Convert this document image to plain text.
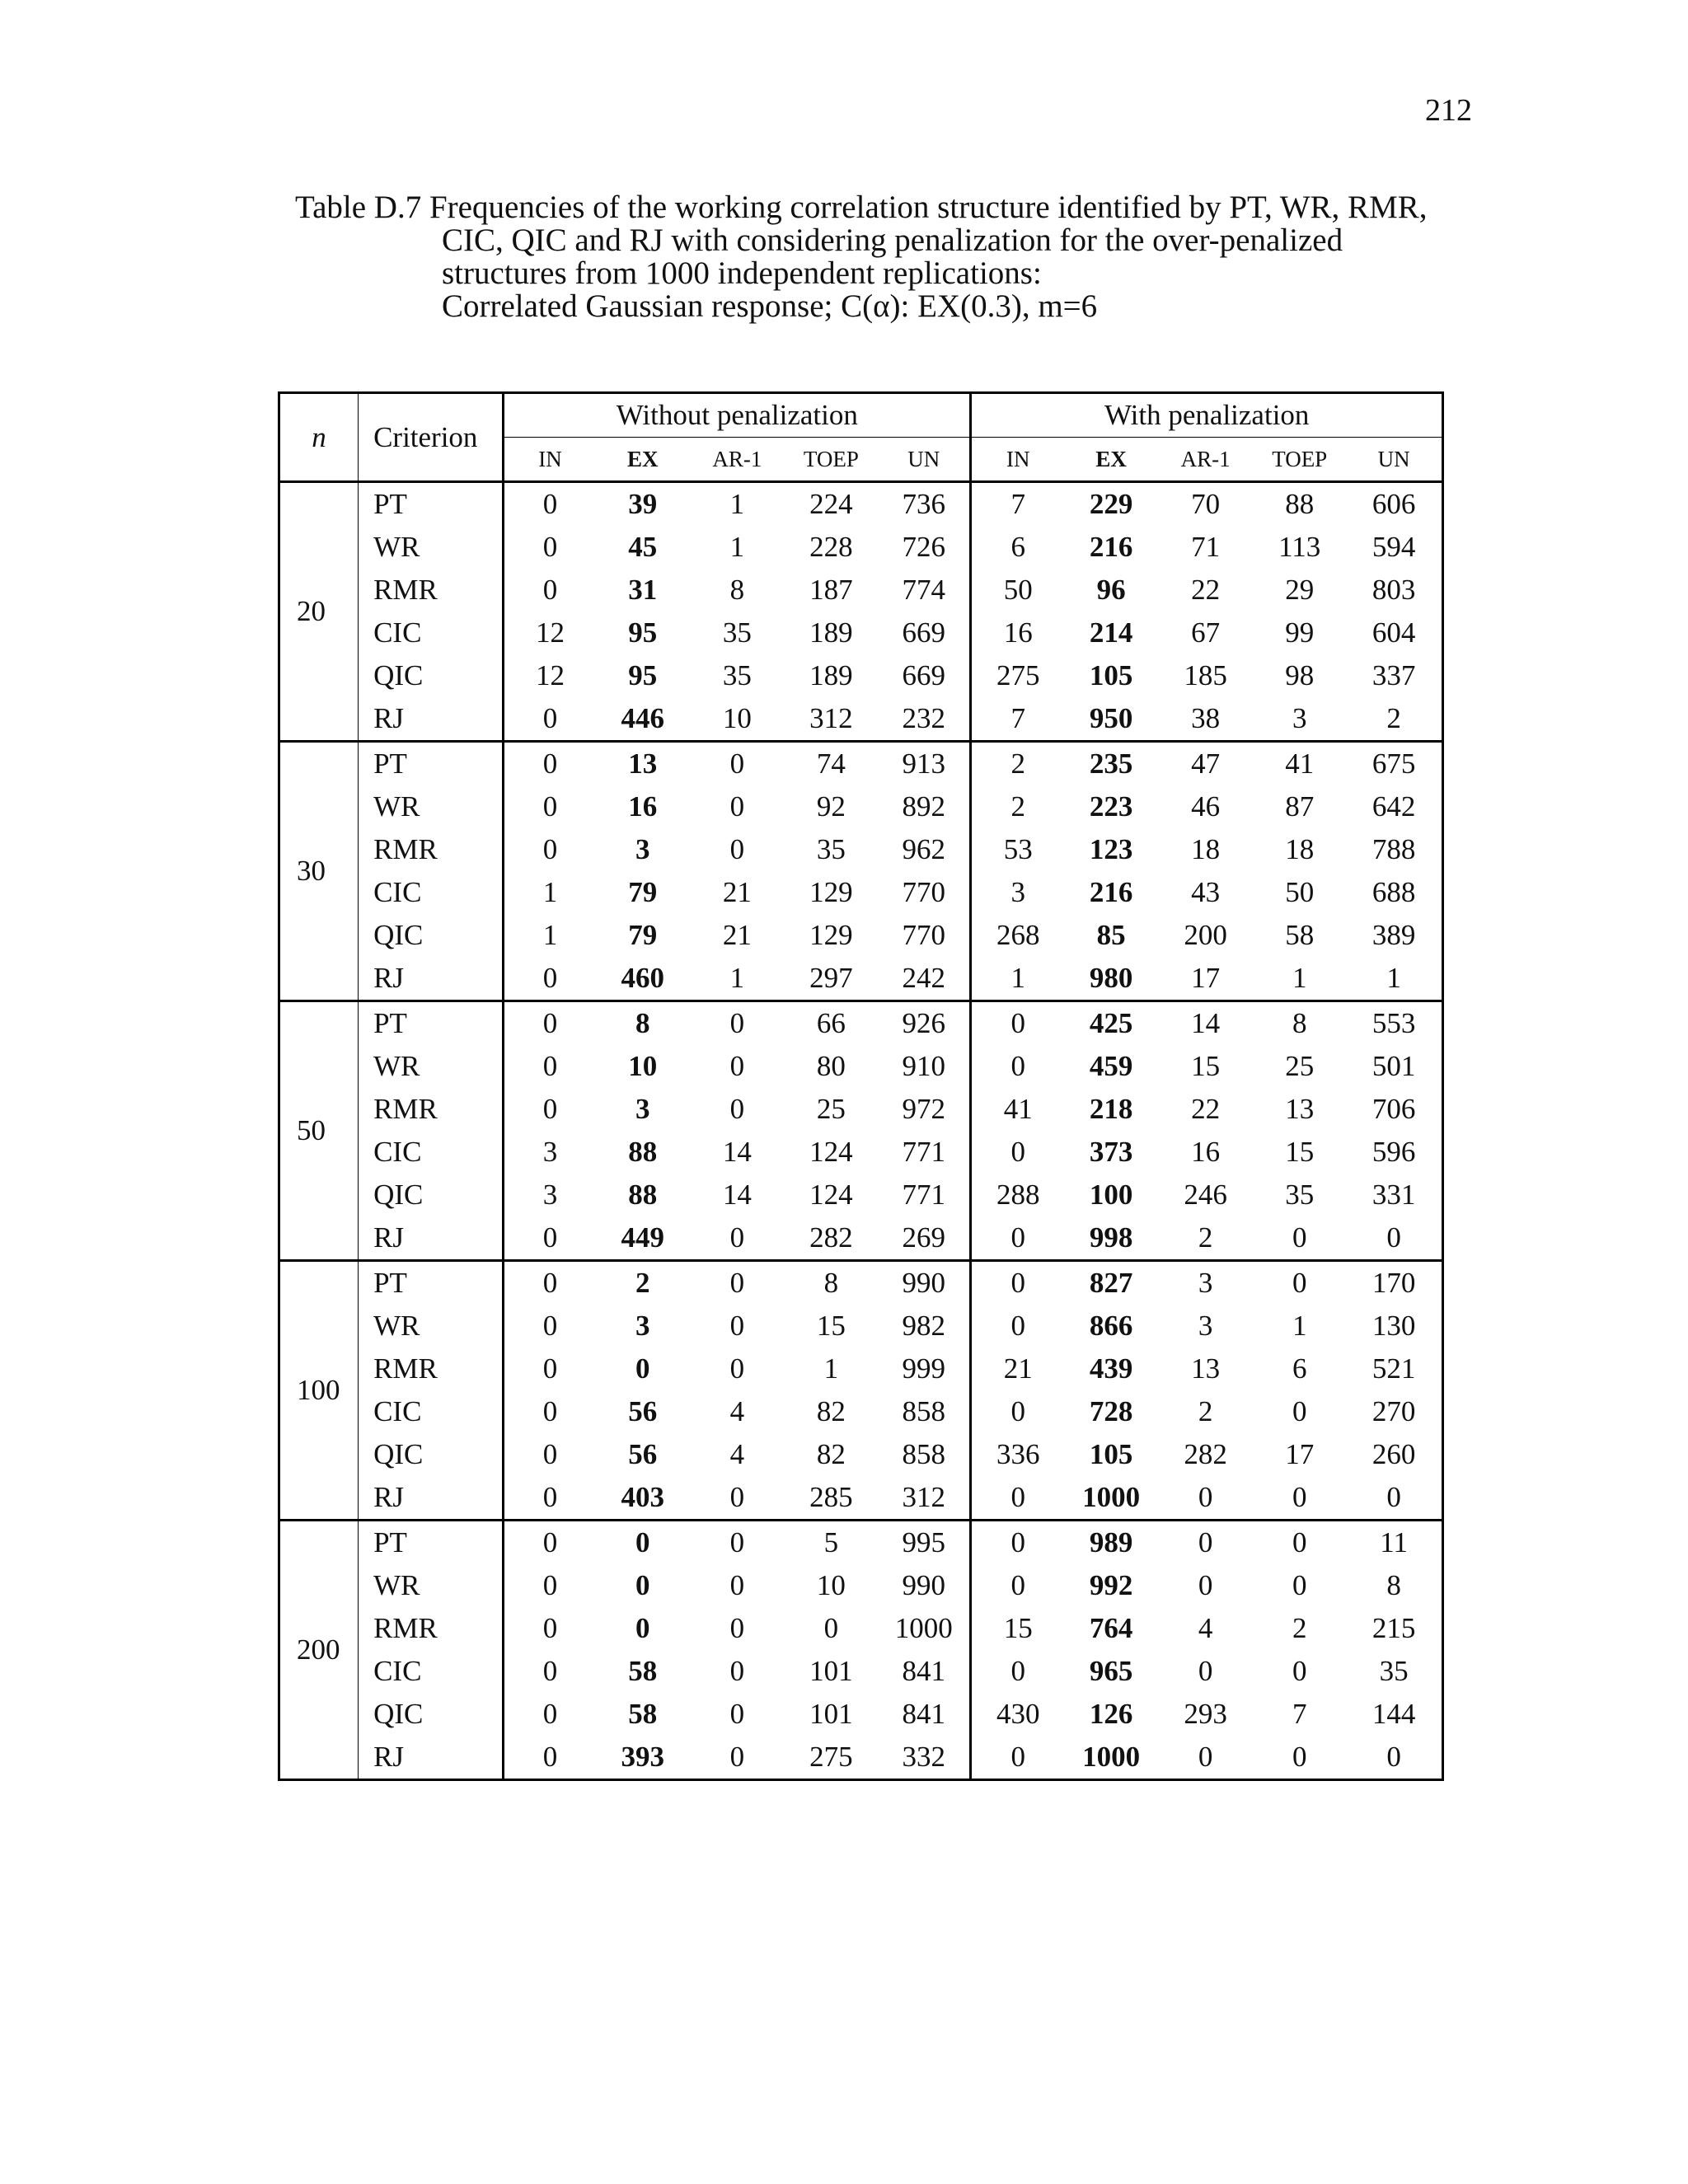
212
Table D.7 Frequencies of the working correlation structure identified by PT, WR, RMR,
CIC, QIC and RJ with considering penalization for the over-penalized
structures from 1000 independent replications:
Correlated Gaussian response; C(α): EX(0.3), m=6
n	Criterion	Without penalization					With penalization				
		IN	EX	AR-1	TOEP	UN	IN	EX	AR-1	TOEP	UN
20	PT	0	39	1	224	736	7	229	70	88	606
	WR	0	45	1	228	726	6	216	71	113	594
	RMR	0	31	8	187	774	50	96	22	29	803
	CIC	12	95	35	189	669	16	214	67	99	604
	QIC	12	95	35	189	669	275	105	185	98	337
	RJ	0	446	10	312	232	7	950	38	3	2
30	PT	0	13	0	74	913	2	235	47	41	675
	WR	0	16	0	92	892	2	223	46	87	642
	RMR	0	3	0	35	962	53	123	18	18	788
	CIC	1	79	21	129	770	3	216	43	50	688
	QIC	1	79	21	129	770	268	85	200	58	389
	RJ	0	460	1	297	242	1	980	17	1	1
50	PT	0	8	0	66	926	0	425	14	8	553
	WR	0	10	0	80	910	0	459	15	25	501
	RMR	0	3	0	25	972	41	218	22	13	706
	CIC	3	88	14	124	771	0	373	16	15	596
	QIC	3	88	14	124	771	288	100	246	35	331
	RJ	0	449	0	282	269	0	998	2	0	0
100	PT	0	2	0	8	990	0	827	3	0	170
	WR	0	3	0	15	982	0	866	3	1	130
	RMR	0	0	0	1	999	21	439	13	6	521
	CIC	0	56	4	82	858	0	728	2	0	270
	QIC	0	56	4	82	858	336	105	282	17	260
	RJ	0	403	0	285	312	0	1000	0	0	0
200	PT	0	0	0	5	995	0	989	0	0	11
	WR	0	0	0	10	990	0	992	0	0	8
	RMR	0	0	0	0	1000	15	764	4	2	215
	CIC	0	58	0	101	841	0	965	0	0	35
	QIC	0	58	0	101	841	430	126	293	7	144
	RJ	0	393	0	275	332	0	1000	0	0	0
